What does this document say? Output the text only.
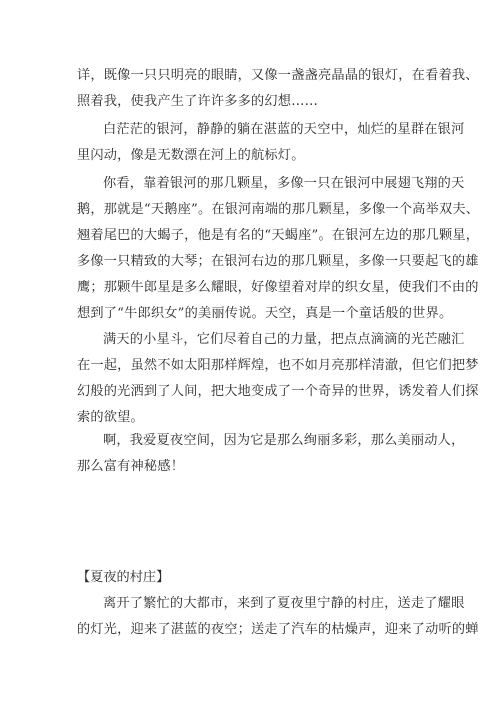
详，既像一只只明亮的眼睛，又像一盏盏亮晶晶的银灯，在看着我、
照着我，使我产生了许许多多的幻想……
白茫茫的银河，静静的躺在湛蓝的天空中，灿烂的星群在银河
里闪动，像是无数漂在河上的航标灯。
你看，靠着银河的那几颗星，多像一只在银河中展翅飞翔的天
鹅，那就是“天鹅座”。在银河南端的那几颗星，多像一个高举双夫、
翘着尾巴的大蝎子，他是有名的“天蝎座”。在银河左边的那几颗星，
多像一只精致的大琴；在银河右边的那几颗星，多像一只要起飞的雄
鹰；那颗牛郎星是多么耀眼，好像望着对岸的织女星，使我们不由的
想到了“牛郎织女”的美丽传说。天空，真是一个童话般的世界。
满天的小星斗，它们尽着自己的力量，把点点滴滴的光芒融汇
在一起，虽然不如太阳那样辉煌，也不如月亮那样清澈，但它们把梦
幻般的光洒到了人间，把大地变成了一个奇异的世界，诱发着人们探
索的欲望。
啊，我爱夏夜空间，因为它是那么绚丽多彩，那么美丽动人，
那么富有神秘感！
【夏夜的村庄】
离开了繁忙的大都市，来到了夏夜里宁静的村庄，送走了耀眼
的灯光，迎来了湛蓝的夜空；送走了汽车的枯燥声，迎来了动听的蝉
